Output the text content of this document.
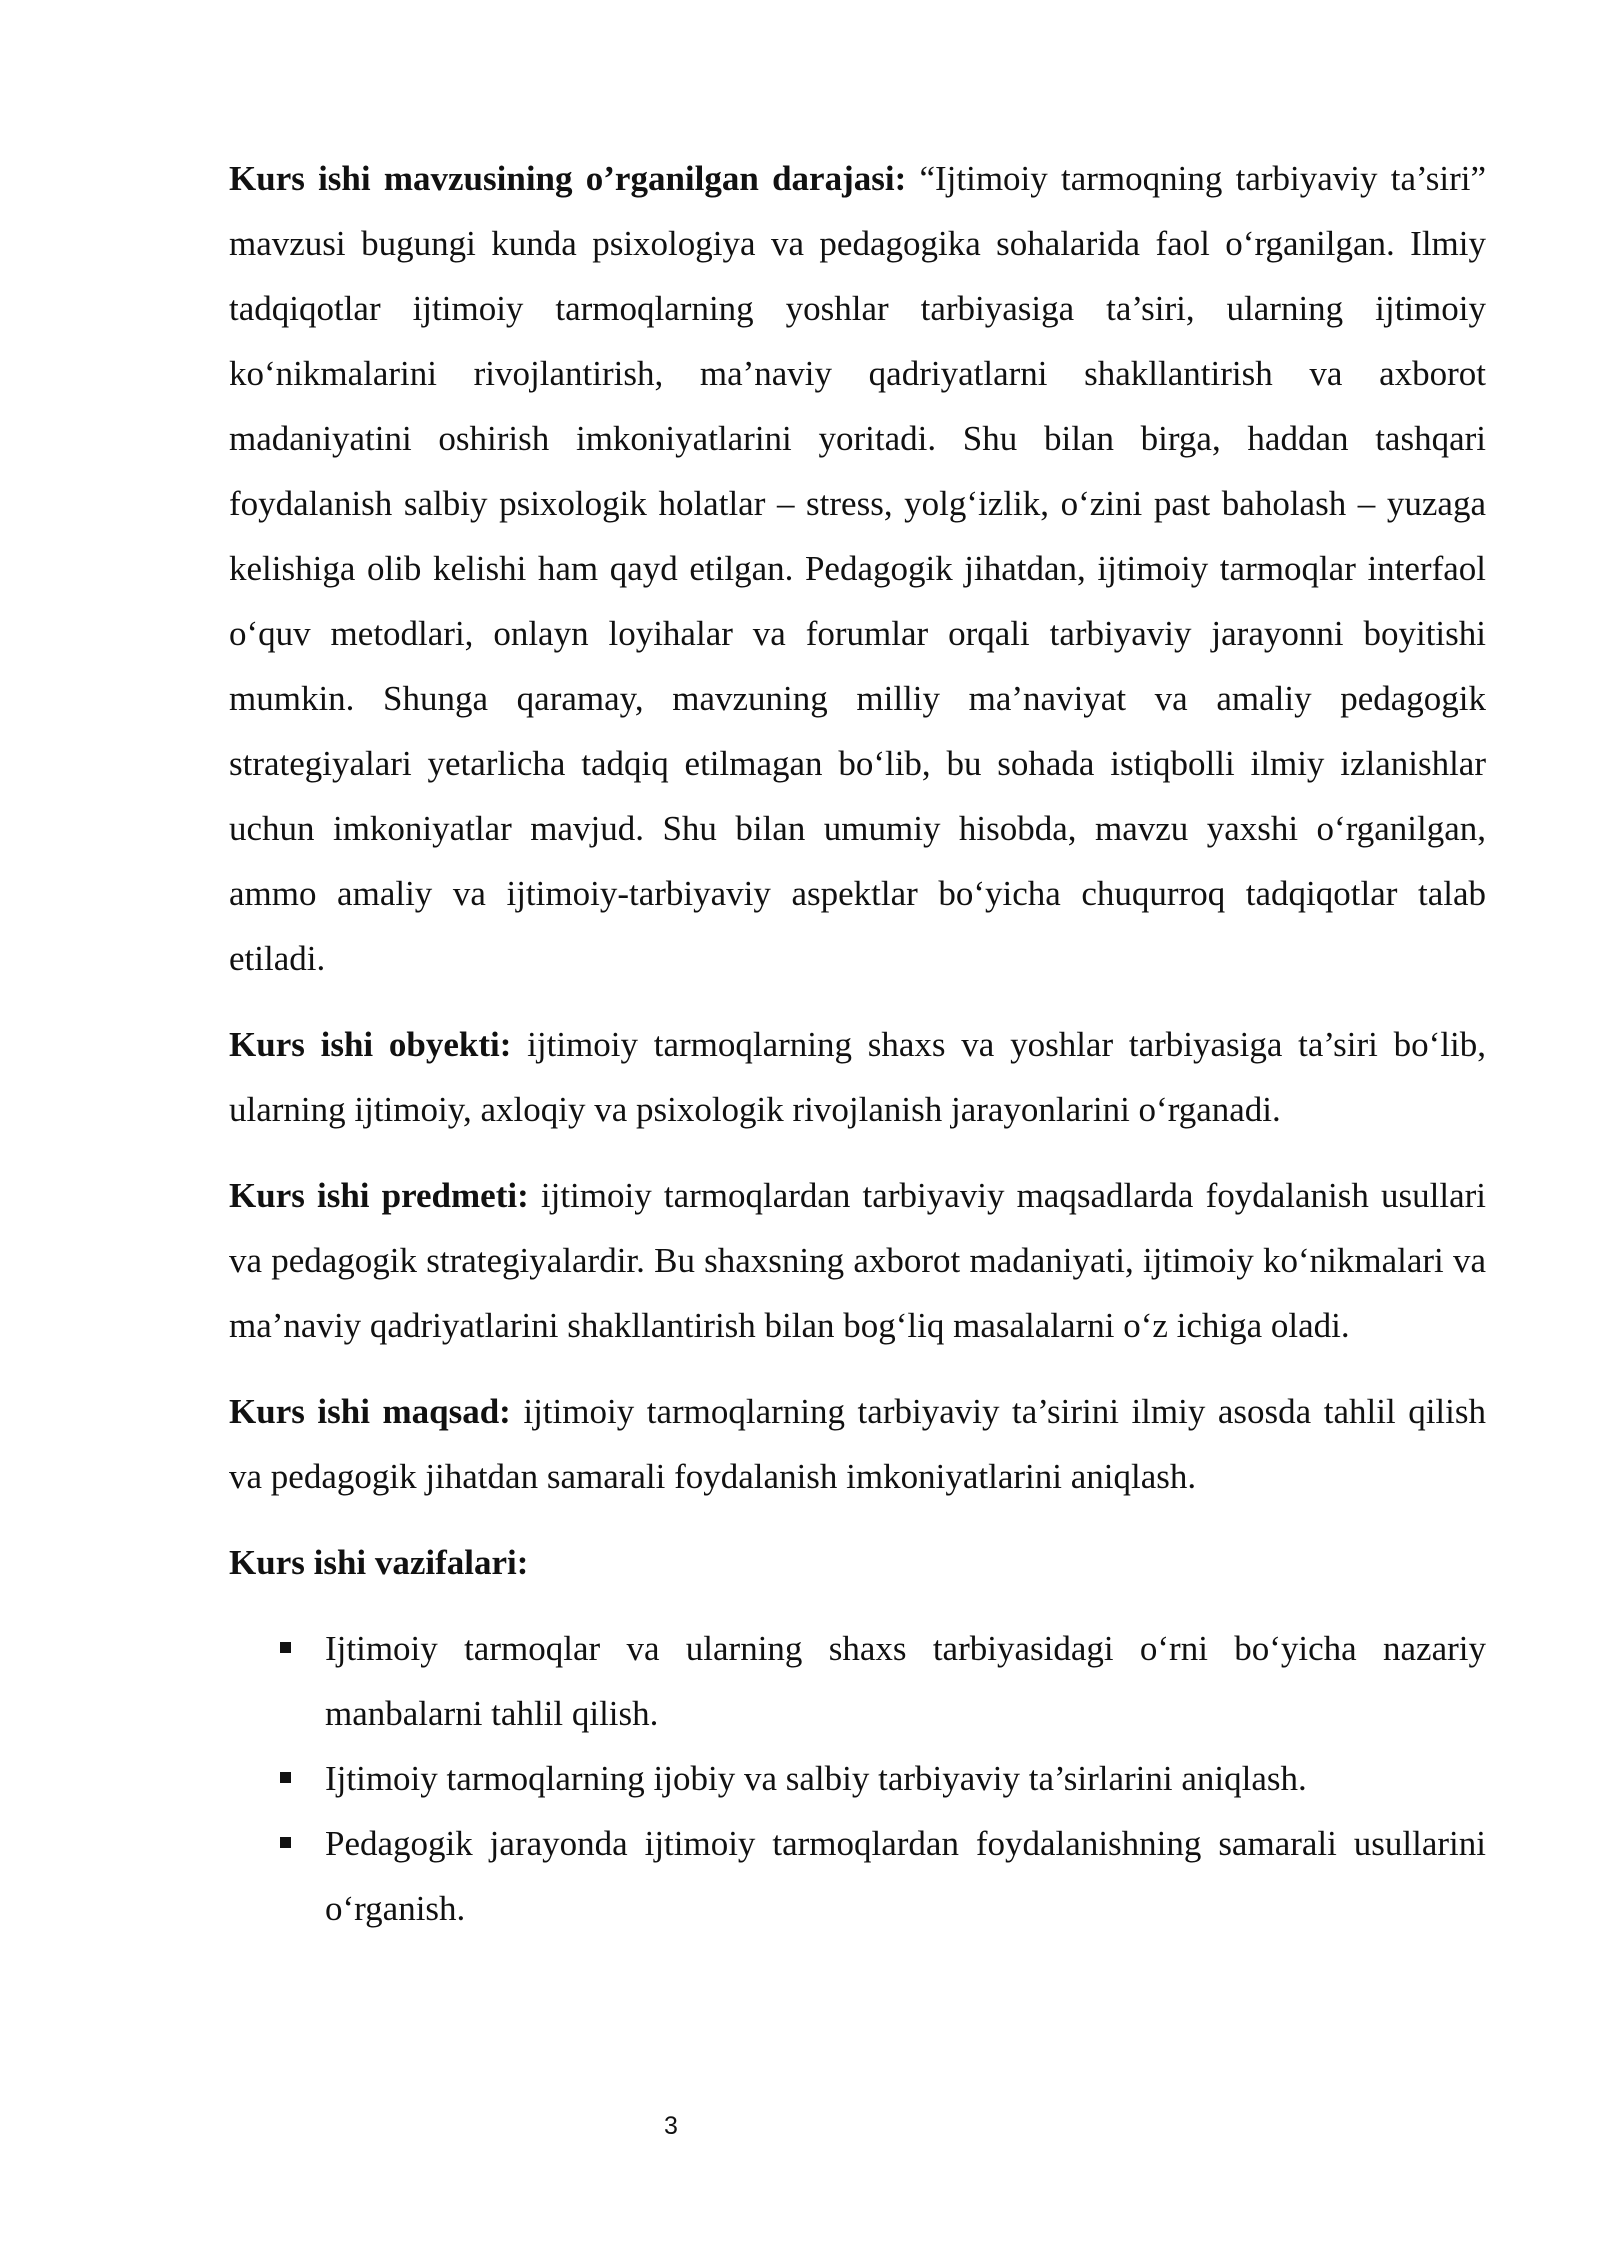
Kurs ishi mavzusining o’rganilgan darajasi: “Ijtimoiy tarmoqning tarbiyaviy ta’siri” mavzusi bugungi kunda psixologiya va pedagogika sohalarida faol oʻrganilgan. Ilmiy tadqiqotlar ijtimoiy tarmoqlarning yoshlar tarbiyasiga ta’siri, ularning ijtimoiy koʻnikmalarini rivojlantirish, ma’naviy qadriyatlarni shakllantirish va axborot madaniyatini oshirish imkoniyatlarini yoritadi. Shu bilan birga, haddan tashqari foydalanish salbiy psixologik holatlar – stress, yolgʻizlik, oʻzini past baholash – yuzaga kelishiga olib kelishi ham qayd etilgan. Pedagogik jihatdan, ijtimoiy tarmoqlar interfaol oʻquv metodlari, onlayn loyihalar va forumlar orqali tarbiyaviy jarayonni boyitishi mumkin. Shunga qaramay, mavzuning milliy ma’naviyat va amaliy pedagogik strategiyalari yetarlicha tadqiq etilmagan boʻlib, bu sohada istiqbolli ilmiy izlanishlar uchun imkoniyatlar mavjud. Shu bilan umumiy hisobda, mavzu yaxshi oʻrganilgan, ammo amaliy va ijtimoiy-tarbiyaviy aspektlar boʻyicha chuqurroq tadqiqotlar talab etiladi.

Kurs ishi obyekti: ijtimoiy tarmoqlarning shaxs va yoshlar tarbiyasiga ta’siri boʻlib, ularning ijtimoiy, axloqiy va psixologik rivojlanish jarayonlarini oʻrganadi.

Kurs ishi predmeti: ijtimoiy tarmoqlardan tarbiyaviy maqsadlarda foydalanish usullari va pedagogik strategiyalardir. Bu shaxsning axborot madaniyati, ijtimoiy koʻnikmalari va ma’naviy qadriyatlarini shakllantirish bilan bogʻliq masalalarni oʻz ichiga oladi.

Kurs ishi maqsad: ijtimoiy tarmoqlarning tarbiyaviy ta’sirini ilmiy asosda tahlil qilish va pedagogik jihatdan samarali foydalanish imkoniyatlarini aniqlash.

Kurs ishi vazifalari:

Ijtimoiy tarmoqlar va ularning shaxs tarbiyasidagi oʻrni boʻyicha nazariy manbalarni tahlil qilish.
Ijtimoiy tarmoqlarning ijobiy va salbiy tarbiyaviy ta’sirlarini aniqlash.
Pedagogik jarayonda ijtimoiy tarmoqlardan foydalanishning samarali usullarini oʻrganish.
3
